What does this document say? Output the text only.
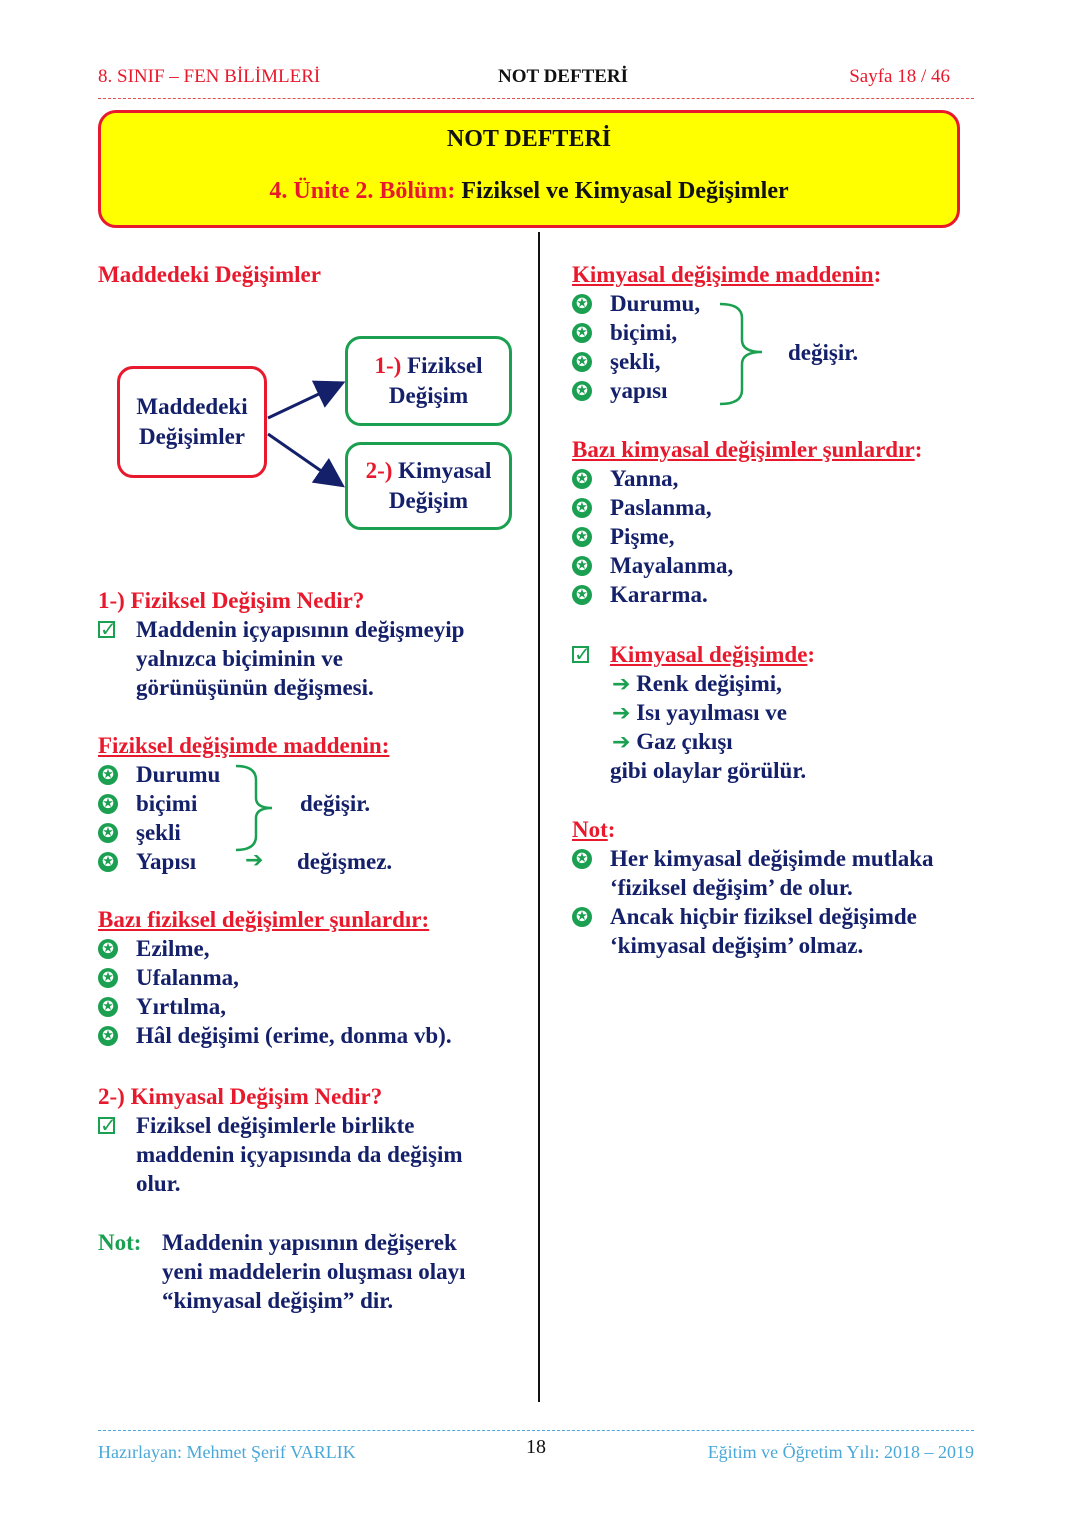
8. SINIF – FEN BİLİMLERİ	NOT DEFTERİ	Sayfa 18 / 46
NOT DEFTERİ
4. Ünite 2. Bölüm: Fiziksel ve Kimyasal Değişimler
Maddedeki Değişimler
Maddedeki
Değişimler
1-) Fiziksel
Değişim
2-) Kimyasal
Değişim
1-) Fiziksel Değişim Nedir?
✓
Maddenin içyapısının değişmeyip
yalnızca biçiminin ve
görünüşünün değişmesi.
Fiziksel değişimde maddenin:
✪ Durumu
✪ biçimi
✪ şekli
✪ Yapısı
değişir.
➔ değişmez.
Bazı fiziksel değişimler şunlardır:
✪ Ezilme,
✪ Ufalanma,
✪ Yırtılma,
✪ Hâl değişimi (erime, donma vb).
2-) Kimyasal Değişim Nedir?
✓
Fiziksel değişimlerle birlikte
maddenin içyapısında da değişim
olur.
Not: Maddenin yapısının değişerek
yeni maddelerin oluşması olayı
“kimyasal değişim” dir.
Kimyasal değişimde maddenin:
✪ Durumu,
✪ biçimi,
✪ şekli,
✪ yapısı
değişir.
Bazı kimyasal değişimler şunlardır:
✪ Yanna,
✪ Paslanma,
✪ Pişme,
✪ Mayalanma,
✪ Kararma.
✓
Kimyasal değişimde :
➔ Renk değişimi,
➔ Isı yayılması ve
➔ Gaz çıkışı
gibi olaylar görülür.
Not:
✪ Her kimyasal değişimde mutlaka
‘fiziksel değişim’ de olur.
✪ Ancak hiçbir fiziksel değişimde
‘kimyasal değişim’ olmaz.
Hazırlayan: Mehmet Şerif VARLIK	18	Eğitim ve Öğretim Yılı: 2018 – 2019
